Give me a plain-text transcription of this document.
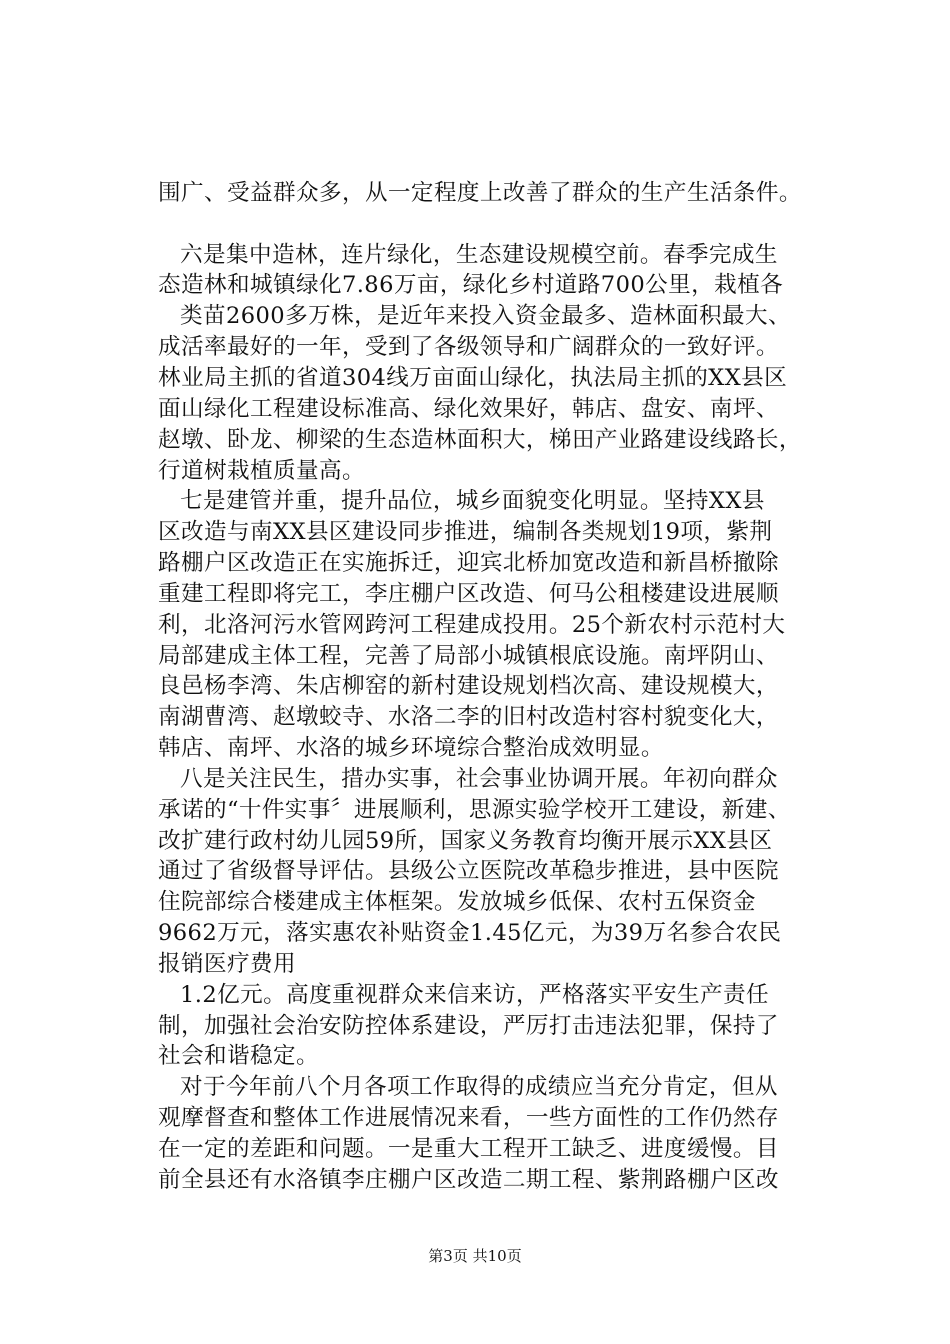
围广、受益群众多，从一定程度上改善了群众的生产生活条件。
六是集中造林，连片绿化，生态建设规模空前。春季完成生
态造林和城镇绿化7.86万亩，绿化乡村道路700公里，栽植各
类苗2600多万株，是近年来投入资金最多、造林面积最大、
成活率最好的一年，受到了各级领导和广阔群众的一致好评。
林业局主抓的省道304线万亩面山绿化，执法局主抓的XX县区
面山绿化工程建设标准高、绿化效果好，韩店、盘安、南坪、
赵墩、卧龙、柳梁的生态造林面积大，梯田产业路建设线路长，
行道树栽植质量高。
七是建管并重，提升品位，城乡面貌变化明显。坚持XX县
区改造与南XX县区建设同步推进，编制各类规划19项，紫荆
路棚户区改造正在实施拆迁，迎宾北桥加宽改造和新昌桥撤除
重建工程即将完工，李庄棚户区改造、何马公租楼建设进展顺
利，北洛河污水管网跨河工程建成投用。25个新农村示范村大
局部建成主体工程，完善了局部小城镇根底设施。南坪阴山、
良邑杨李湾、朱店柳窑的新村建设规划档次高、建设规模大，
南湖曹湾、赵墩蛟寺、水洛二李的旧村改造村容村貌变化大，
韩店、南坪、水洛的城乡环境综合整治成效明显。
八是关注民生，措办实事，社会事业协调开展。年初向群众
承诺的“十件实事〞进展顺利，思源实验学校开工建设，新建、
改扩建行政村幼儿园59所，国家义务教育均衡开展示XX县区
通过了省级督导评估。县级公立医院改革稳步推进，县中医院
住院部综合楼建成主体框架。发放城乡低保、农村五保资金
9662万元，落实惠农补贴资金1.45亿元，为39万名参合农民
报销医疗费用
1.2亿元。高度重视群众来信来访，严格落实平安生产责任
制，加强社会治安防控体系建设，严厉打击违法犯罪，保持了
社会和谐稳定。
对于今年前八个月各项工作取得的成绩应当充分肯定，但从
观摩督查和整体工作进展情况来看，一些方面性的工作仍然存
在一定的差距和问题。一是重大工程开工缺乏、进度缓慢。目
前全县还有水洛镇李庄棚户区改造二期工程、紫荆路棚户区改
第3页 共10页
